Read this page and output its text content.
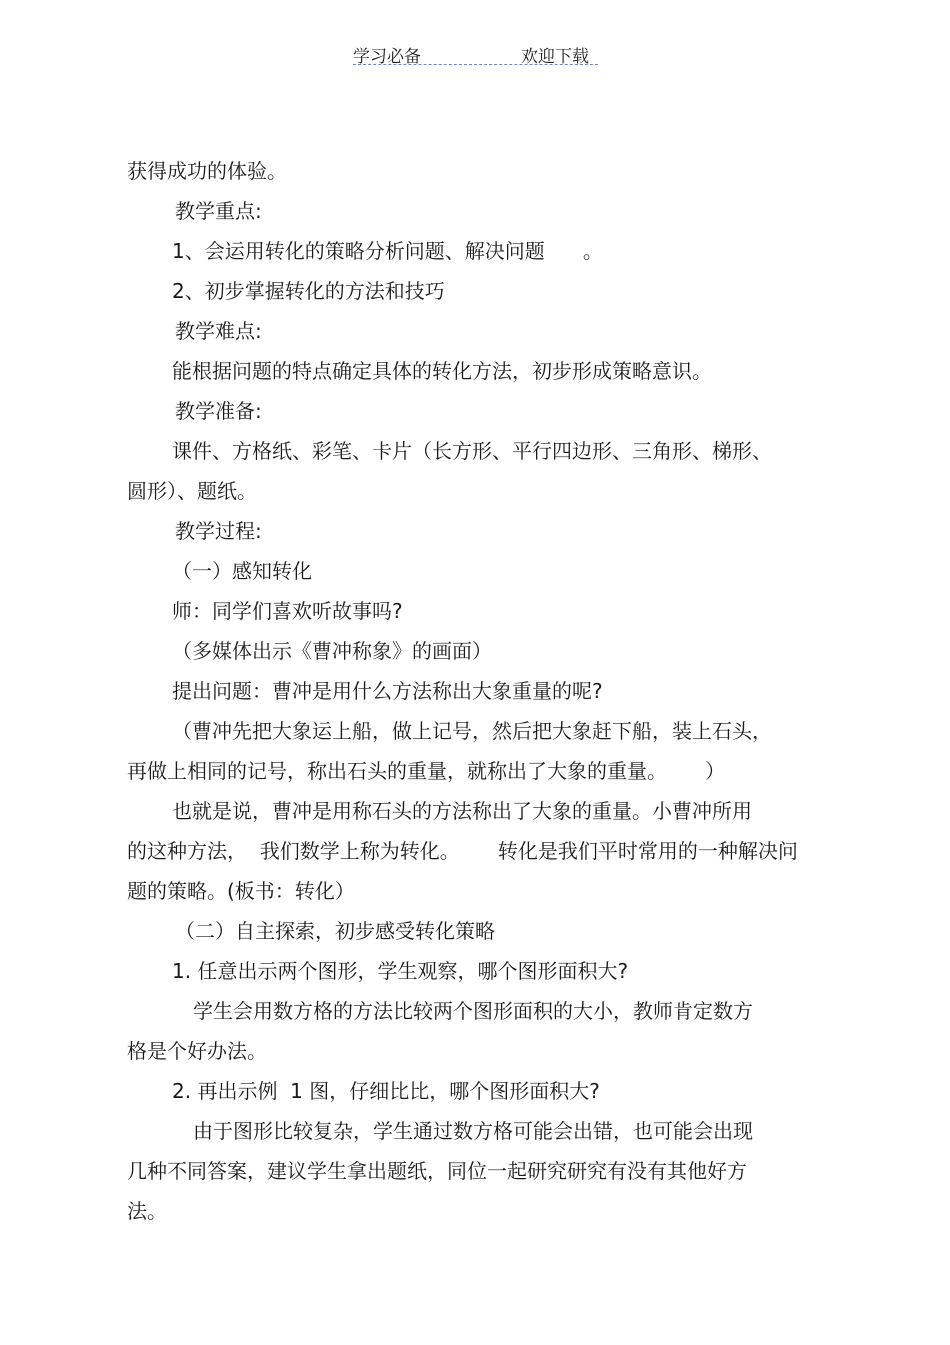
学习必备	欢迎下载
获得成功的体验。
教学重点:
1、会运用转化的策略分析问题、解决问题      。
2、初步掌握转化的方法和技巧
教学难点:
能根据问题的特点确定具体的转化方法，初步形成策略意识。
教学准备:
课件、方格纸、彩笔、卡片（长方形、平行四边形、三角形、梯形、
圆形）、题纸。
教学过程:
（一）感知转化
师：同学们喜欢听故事吗?
（多媒体出示《曹冲称象》的画面）
提出问题：曹冲是用什么方法称出大象重量的呢?
（曹冲先把大象运上船，做上记号，然后把大象赶下船，装上石头，
再做上相同的记号，称出石头的重量，就称出了大象的重量。      ）
也就是说，曹冲是用称石头的方法称出了大象的重量。小曹冲所用
的这种方法，  我们数学上称为转化。      转化是我们平时常用的一种解决问
题的策略。(板书：转化）
（二）自主探索，初步感受转化策略
1. 任意出示两个图形，学生观察，哪个图形面积大?
学生会用数方格的方法比较两个图形面积的大小，教师肯定数方
格是个好办法。
2. 再出示例  1 图，仔细比比，哪个图形面积大?
由于图形比较复杂，学生通过数方格可能会出错，也可能会出现
几种不同答案，建议学生拿出题纸，同位一起研究研究有没有其他好方
法。
